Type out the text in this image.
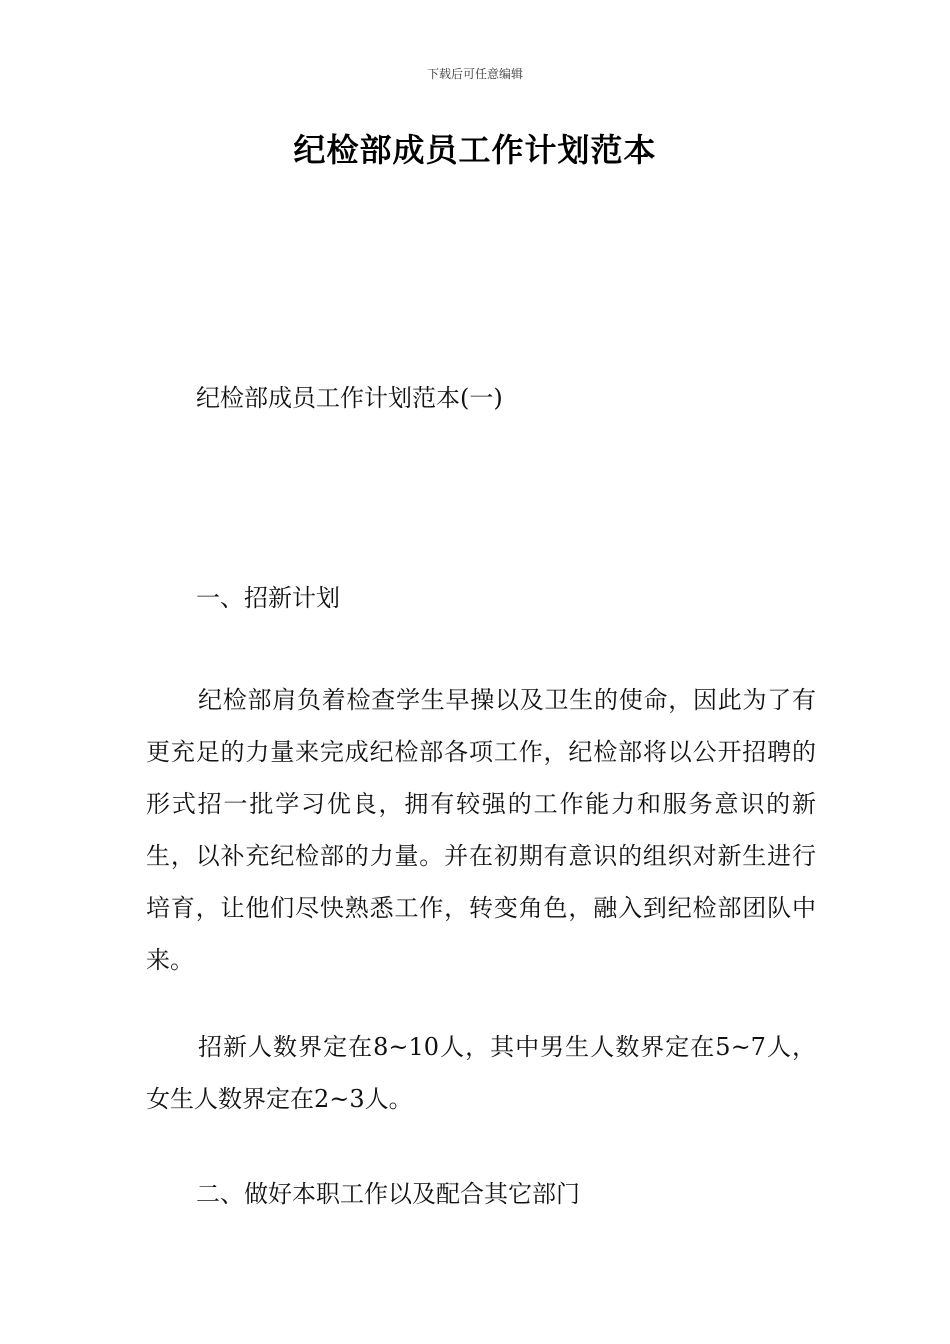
下载后可任意编辑
纪检部成员工作计划范本
纪检部成员工作计划范本(一)
一、招新计划
纪检部肩负着检查学生早操以及卫生的使命，因此为了有更充足的力量来完成纪检部各项工作，纪检部将以公开招聘的形式招一批学习优良，拥有较强的工作能力和服务意识的新生，以补充纪检部的力量。并在初期有意识的组织对新生进行培育，让他们尽快熟悉工作，转变角色，融入到纪检部团队中来。
招新人数界定在8~10人，其中男生人数界定在5~7人，女生人数界定在2~3人。
二、做好本职工作以及配合其它部门
